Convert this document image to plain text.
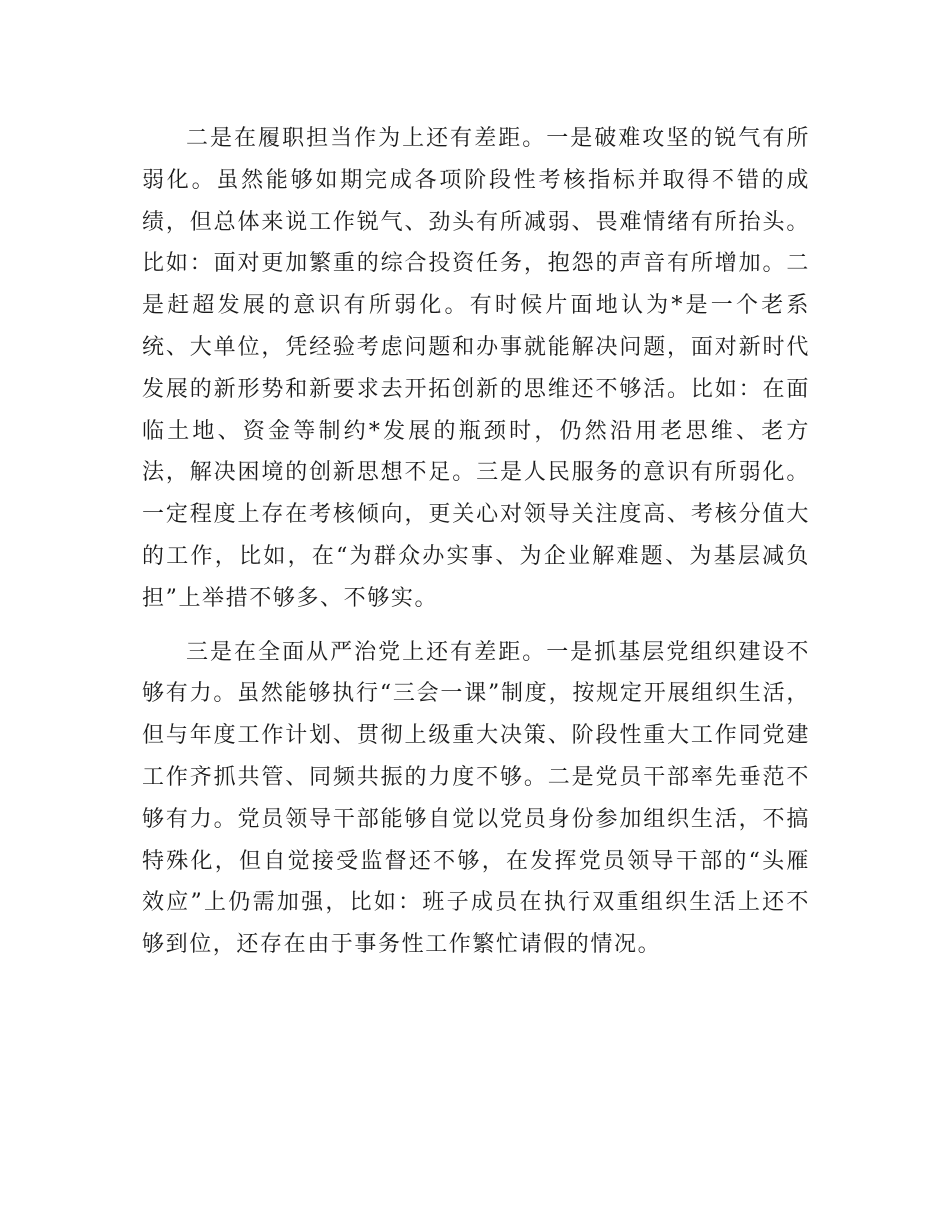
二是在履职担当作为上还有差距。一是破难攻坚的锐气有所弱化。虽然能够如期完成各项阶段性考核指标并取得不错的成绩，但总体来说工作锐气、劲头有所减弱、畏难情绪有所抬头。比如：面对更加繁重的综合投资任务，抱怨的声音有所增加。二是赶超发展的意识有所弱化。有时候片面地认为*是一个老系统、大单位，凭经验考虑问题和办事就能解决问题，面对新时代发展的新形势和新要求去开拓创新的思维还不够活。比如：在面临土地、资金等制约*发展的瓶颈时，仍然沿用老思维、老方法，解决困境的创新思想不足。三是人民服务的意识有所弱化。一定程度上存在考核倾向，更关心对领导关注度高、考核分值大的工作，比如，在“为群众办实事、为企业解难题、为基层减负担”上举措不够多、不够实。

三是在全面从严治党上还有差距。一是抓基层党组织建设不够有力。虽然能够执行“三会一课”制度，按规定开展组织生活，但与年度工作计划、贯彻上级重大决策、阶段性重大工作同党建工作齐抓共管、同频共振的力度不够。二是党员干部率先垂范不够有力。党员领导干部能够自觉以党员身份参加组织生活，不搞特殊化，但自觉接受监督还不够，在发挥党员领导干部的“头雁效应”上仍需加强，比如：班子成员在执行双重组织生活上还不够到位，还存在由于事务性工作繁忙请假的情况。
